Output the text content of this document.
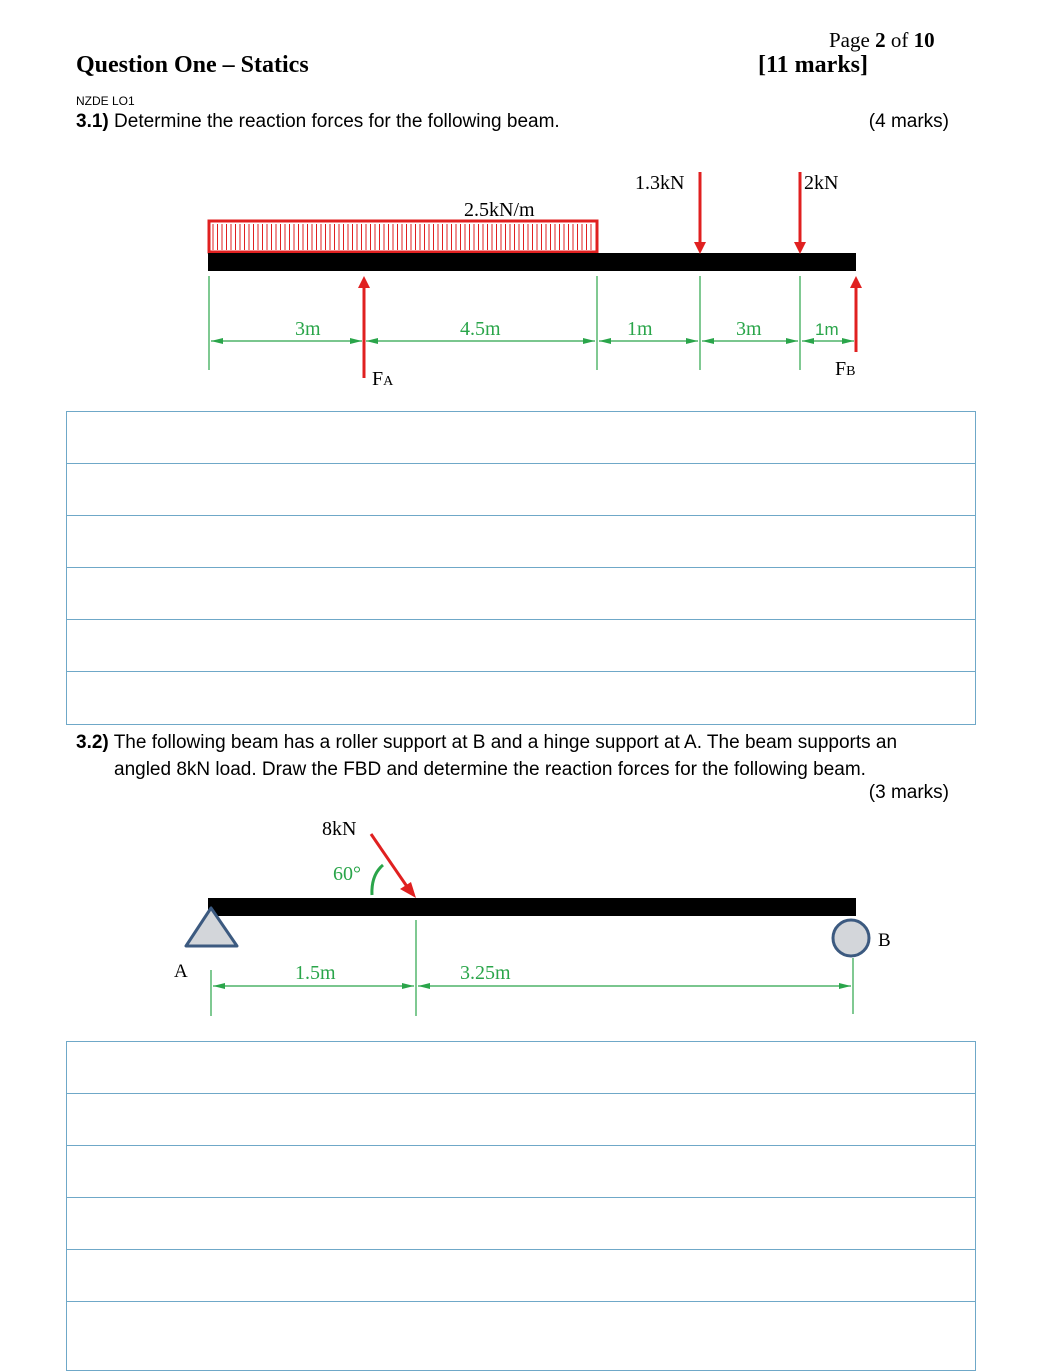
Page 2 of 10
Question One – Statics	[11 marks]
NZDE LO1
3.1) Determine the reaction forces for the following beam.	(4 marks)
2.5kN/m
1.3kN	2kN
3m	4.5m	1m	3m	1m
FA
FB
3.2) The following beam has a roller support at B and a hinge support at A. The beam supports an
angled 8kN load. Draw the FBD and determine the reaction forces for the following beam.
(3 marks)
8kN
60°
A
B
1.5m	3.25m
